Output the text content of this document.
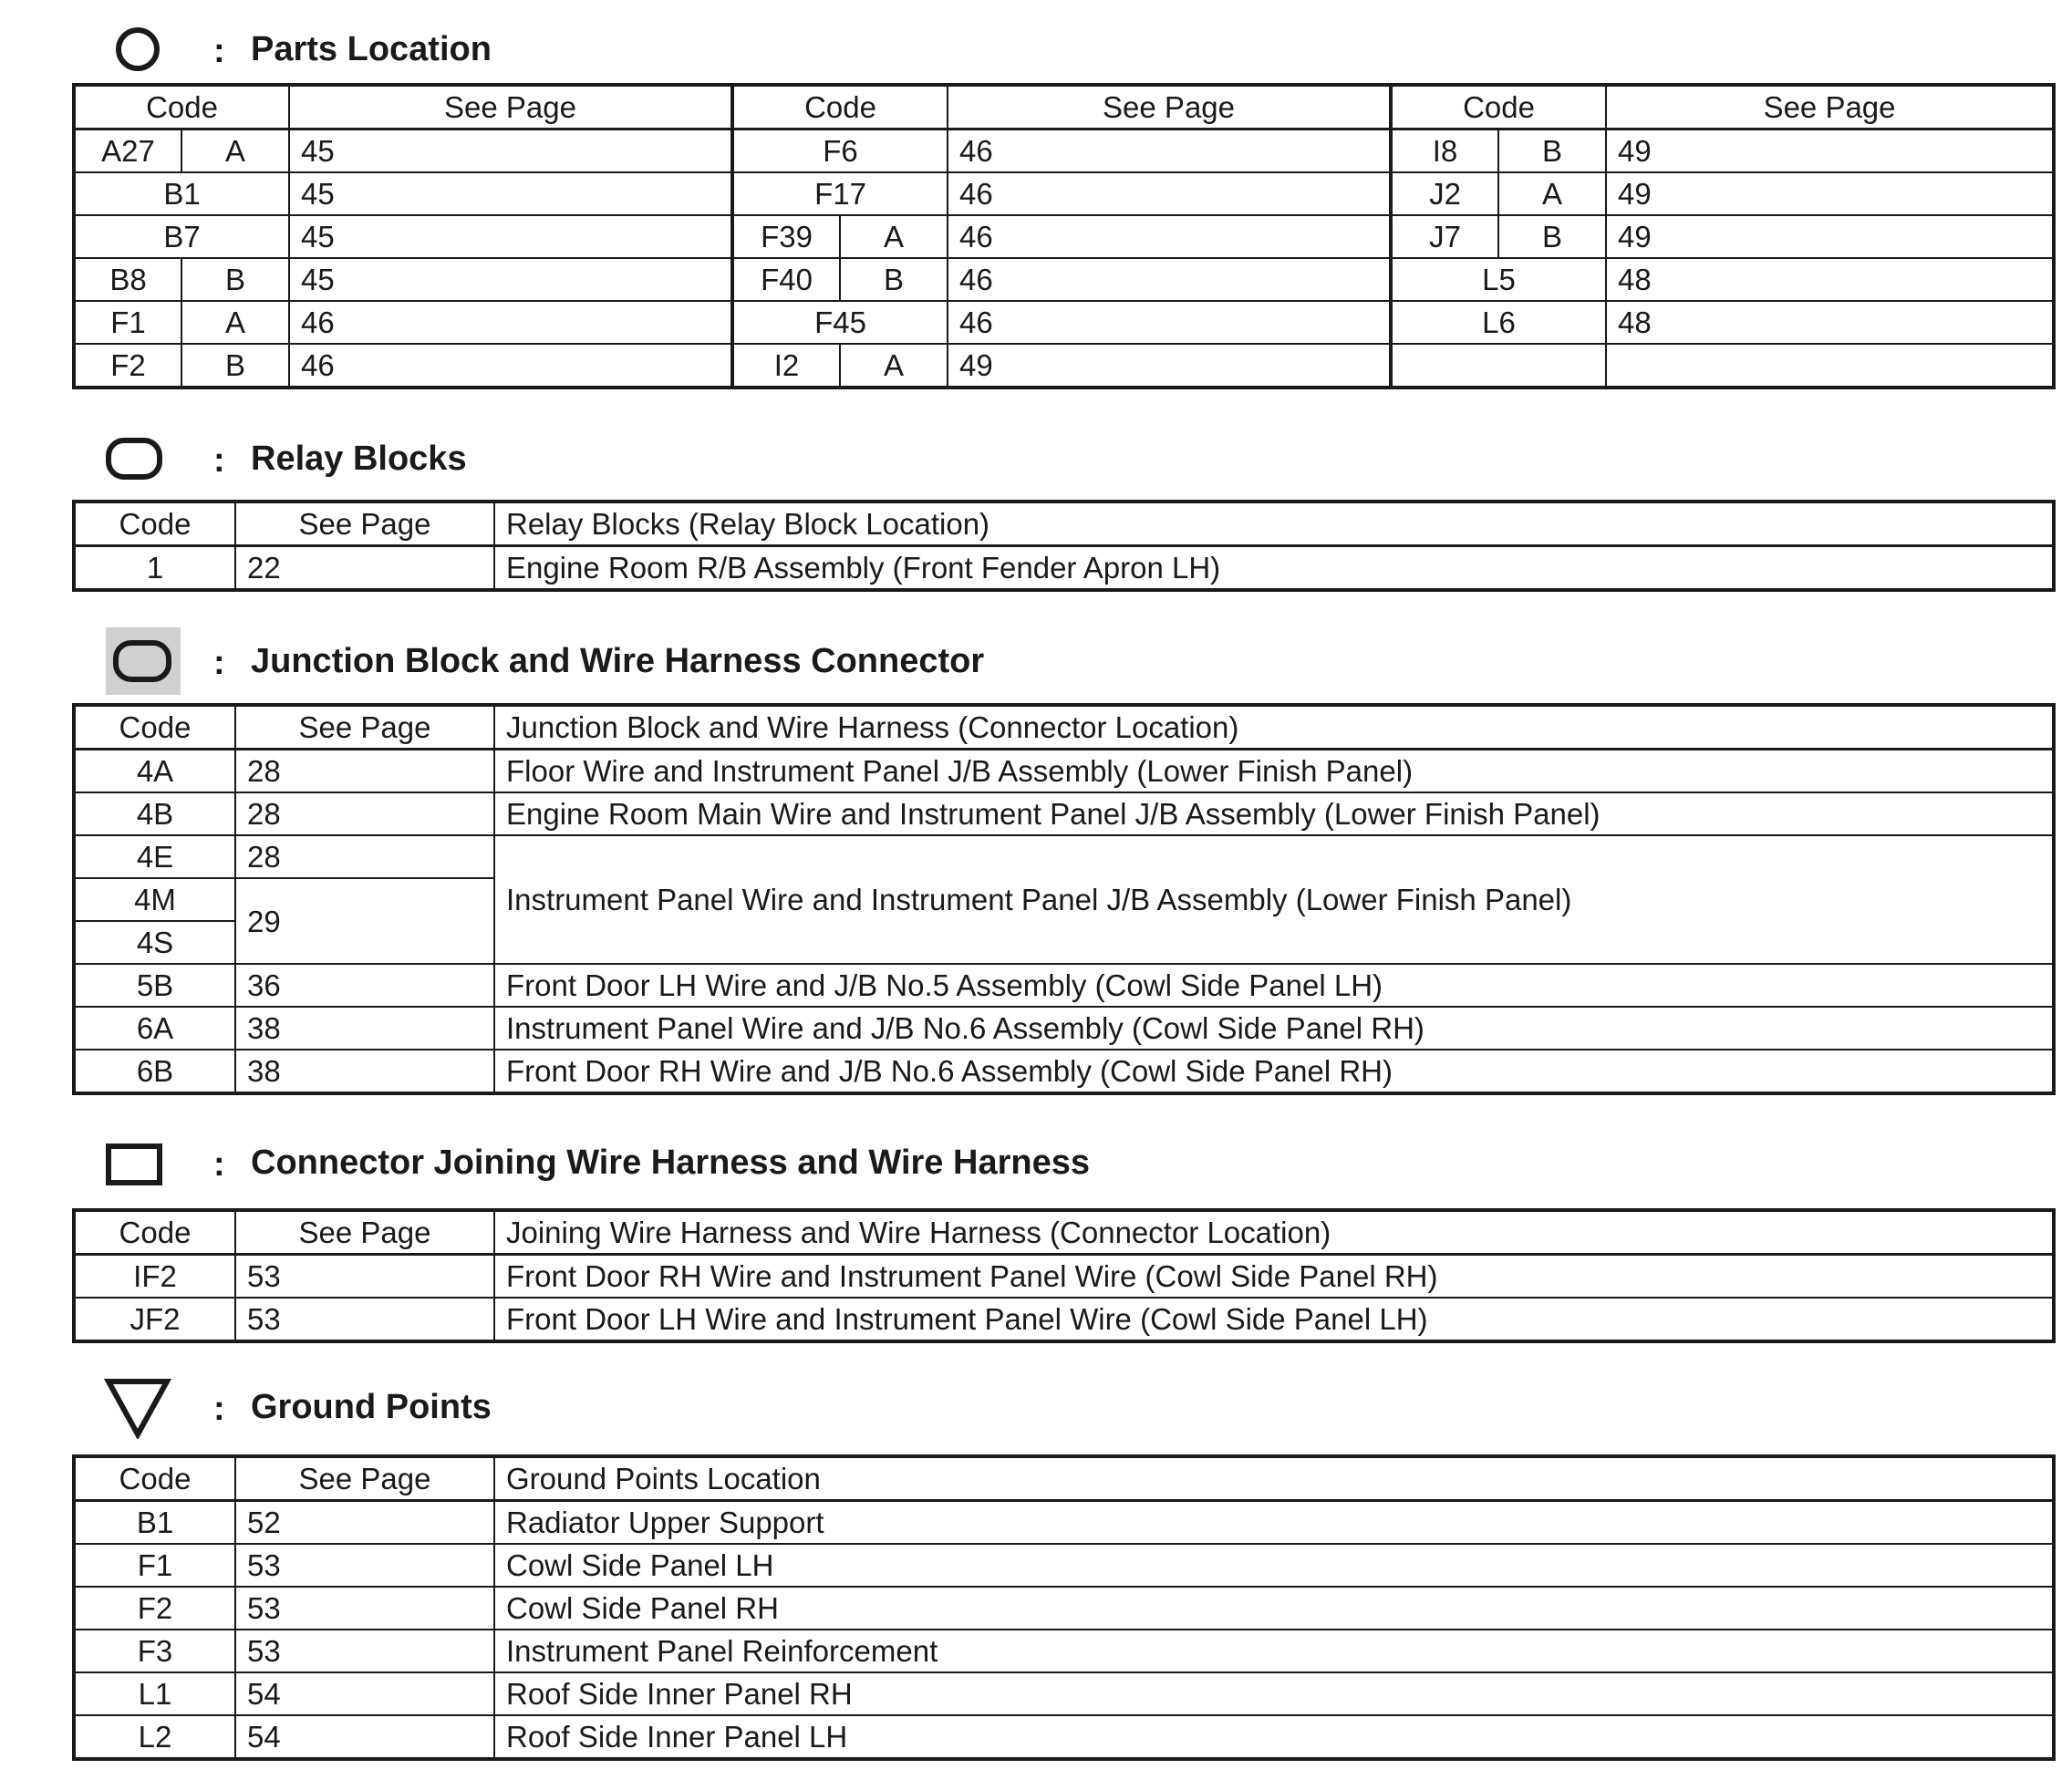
: Parts Location
Code		See Page	Code		See Page	Code		See Page
A27	A	45	F6		46	I8	B	49
B1		45	F17		46	J2	A	49
B7		45	F39	A	46	J7	B	49
B8	B	45	F40	B	46	L5		48
F1	A	46	F45		46	L6		48
F2	B	46	I2	A	49			
: Relay Blocks
Code	See Page	Relay Blocks (Relay Block Location)
1	22	Engine Room R/B Assembly (Front Fender Apron LH)
: Junction Block and Wire Harness Connector
Code	See Page	Junction Block and Wire Harness (Connector Location)
4A	28	Floor Wire and Instrument Panel J/B Assembly (Lower Finish Panel)
4B	28	Engine Room Main Wire and Instrument Panel J/B Assembly (Lower Finish Panel)
4E	28	Instrument Panel Wire and Instrument Panel J/B Assembly (Lower Finish Panel)
4M	29	
4S		
5B	36	Front Door LH Wire and J/B No.5 Assembly (Cowl Side Panel LH)
6A	38	Instrument Panel Wire and J/B No.6 Assembly (Cowl Side Panel RH)
6B	38	Front Door RH Wire and J/B No.6 Assembly (Cowl Side Panel RH)
: Connector Joining Wire Harness and Wire Harness
Code	See Page	Joining Wire Harness and Wire Harness (Connector Location)
IF2	53	Front Door RH Wire and Instrument Panel Wire (Cowl Side Panel RH)
JF2	53	Front Door LH Wire and Instrument Panel Wire (Cowl Side Panel LH)
: Ground Points
Code	See Page	Ground Points Location
B1	52	Radiator Upper Support
F1	53	Cowl Side Panel LH
F2	53	Cowl Side Panel RH
F3	53	Instrument Panel Reinforcement
L1	54	Roof Side Inner Panel RH
L2	54	Roof Side Inner Panel LH
